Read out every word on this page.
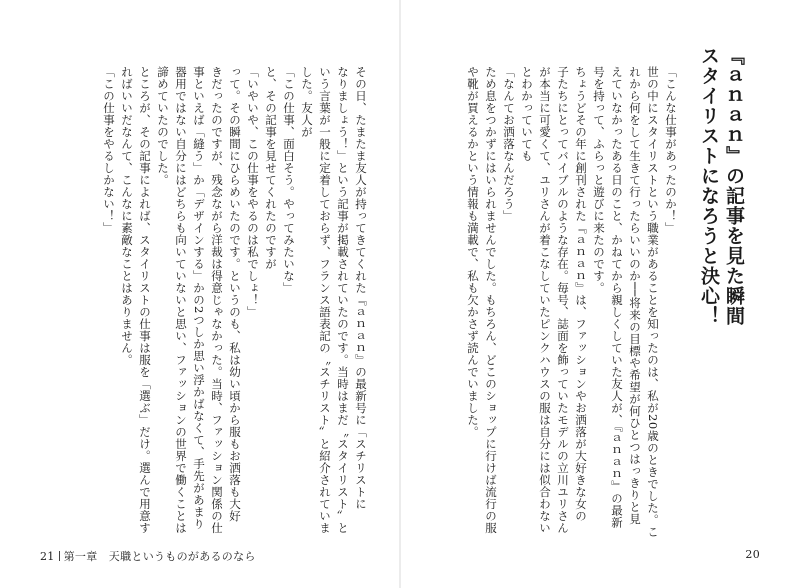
『ａｎａｎ』の記事を見た瞬間
スタイリストになろうと決心！
「こんな仕事があったのか！」
世の中にスタイリストという職業があることを知ったのは、私が20歳のときでした。こ
れから何をして生きて行ったらいいのか──将来の目標や希望が何ひとつはっきりと見
えていなかったある日のこと、かねてから親しくしていた友人が、『ａｎａｎ』の最新
号を持って、ふらっと遊びに来たのです。
ちょうどその年に創刊された『ａｎａｎ』は、ファッションやお洒落が大好きな女の
子たちにとってバイブルのような存在。毎号、誌面を飾っていたモデルの立川ユリさん
が本当に可愛くて、ユリさんが着こなしていたピンクハウスの服は自分には似合わない
とわかっていても
「なんてお洒落なんだろう」
ため息をつかずにはいられませんでした。もちろん、どこのショップに行けば流行の服
や靴が買えるかという情報も満載で、私も欠かさず読んでいました。
20
その日、たまたま友人が持ってきてくれた『ａｎａｎ』の最新号に「スチリストに
なりましょう！」という記事が掲載されていたのです。当時はまだ〝スタイリスト〟と
いう言葉が一般に定着しておらず、フランス語表記の〝スチリスト〟と紹介されていま
した。友人が
「この仕事、面白そう。やってみたいな」
と、その記事を見せてくれたのですが
「いやいや、この仕事をやるのは私でしょ！」
って。その瞬間にひらめいたのです。というのも、私は幼い頃から服もお洒落も大好
きだったのですが、残念ながら洋裁は得意じゃなかった。当時、ファッション関係の仕
事といえば「縫う」か「デザインする」かの2つしか思い浮かばなくて、手先があまり
器用ではない自分にはどちらも向いていないと思い、ファッションの世界で働くことは
諦めていたのでした。
ところが、その記事によれば、スタイリストの仕事は服を「選ぶ」だけ。選んで用意す
ればいいだなんて、こんなに素敵なことはありません。
「この仕事をやるしかない！」
21 第一章　天職というものがあるのなら
